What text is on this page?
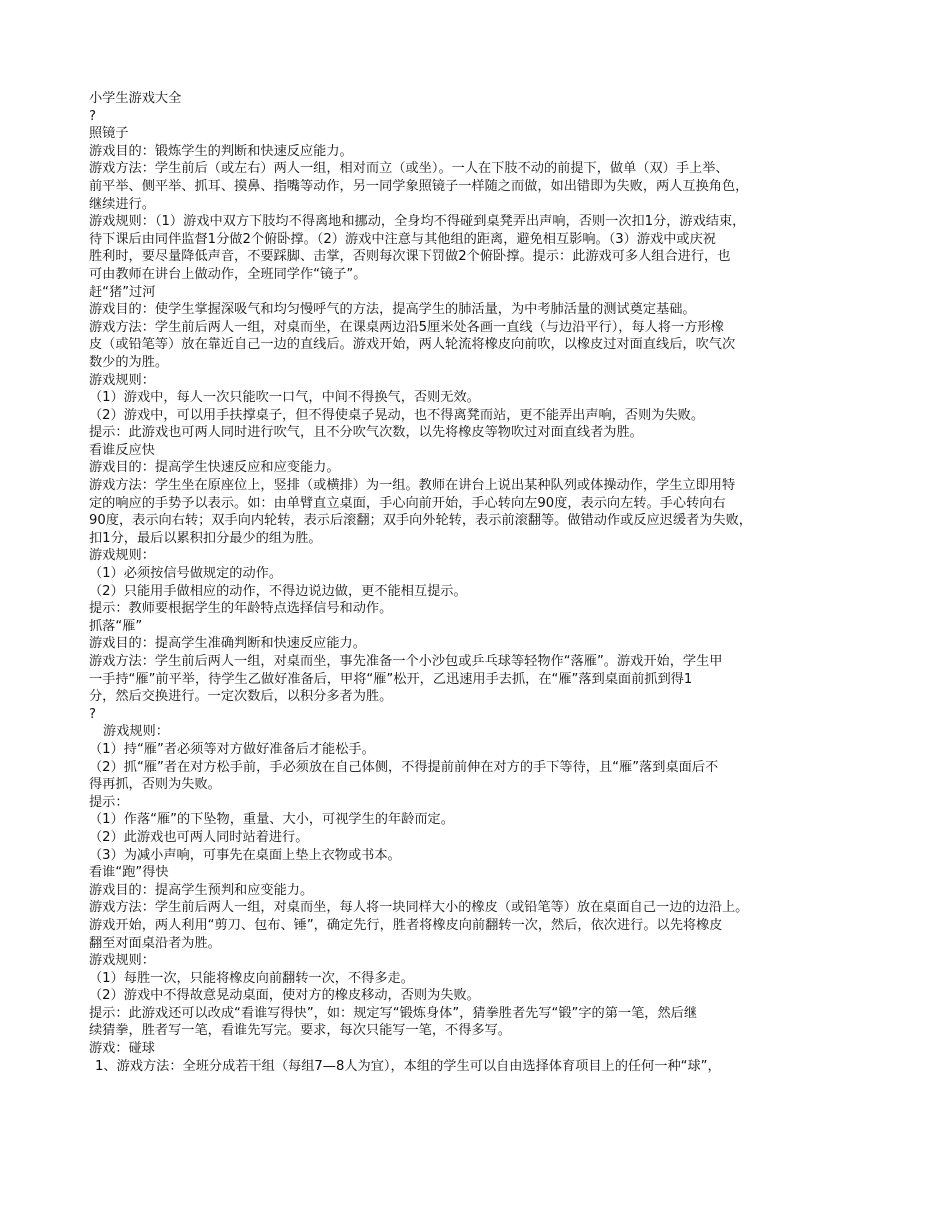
小学生游戏大全
?
照镜子
游戏目的：锻炼学生的判断和快速反应能力。
游戏方法：学生前后（或左右）两人一组，相对而立（或坐）。一人在下肢不动的前提下，做单（双）手上举、
前平举、侧平举、抓耳、摸鼻、指嘴等动作，另一同学象照镜子一样随之而做，如出错即为失败，两人互换角色，
继续进行。
游戏规则：（1）游戏中双方下肢均不得离地和挪动，全身均不得碰到桌凳弄出声响，否则一次扣1分，游戏结束，
待下课后由同伴监督1分做2个俯卧撑。（2）游戏中注意与其他组的距离，避免相互影响。（3）游戏中或庆祝
胜利时，要尽量降低声音，不要踩脚、击掌，否则每次课下罚做2个俯卧撑。提示：此游戏可多人组合进行，也
可由教师在讲台上做动作，全班同学作“镜子”。
赶“猪”过河
游戏目的：使学生掌握深吸气和均匀慢呼气的方法，提高学生的肺活量，为中考肺活量的测试奠定基础。
游戏方法：学生前后两人一组，对桌而坐，在课桌两边沿5厘米处各画一直线（与边沿平行），每人将一方形橡
皮（或铅笔等）放在靠近自己一边的直线后。游戏开始，两人轮流将橡皮向前吹，以橡皮过对面直线后，吹气次
数少的为胜。
游戏规则：
（1）游戏中，每人一次只能吹一口气，中间不得换气，否则无效。
（2）游戏中，可以用手扶撑桌子，但不得使桌子晃动，也不得离凳而站，更不能弄出声响，否则为失败。
提示：此游戏也可两人同时进行吹气，且不分吹气次数，以先将橡皮等物吹过对面直线者为胜。
看谁反应快
游戏目的：提高学生快速反应和应变能力。
游戏方法：学生坐在原座位上，竖排（或横排）为一组。教师在讲台上说出某种队列或体操动作，学生立即用特
定的响应的手势予以表示。如：由单臂直立桌面，手心向前开始，手心转向左90度，表示向左转。手心转向右
90度，表示向右转；双手向内轮转，表示后滚翻；双手向外轮转，表示前滚翻等。做错动作或反应迟缓者为失败，
扣1分，最后以累积扣分最少的组为胜。
游戏规则：
（1）必须按信号做规定的动作。
（2）只能用手做相应的动作，不得边说边做，更不能相互提示。
提示：教师要根据学生的年龄特点选择信号和动作。
抓落“雁”
游戏目的：提高学生准确判断和快速反应能力。
游戏方法：学生前后两人一组，对桌而坐，事先准备一个小沙包或乒乓球等轻物作“落雁”。游戏开始，学生甲
一手持“雁”前平举，待学生乙做好准备后，甲将“雁”松开，乙迅速用手去抓，在“雁”落到桌面前抓到得1
分，然后交换进行。一定次数后，以积分多者为胜。
?
游戏规则：
（1）持“雁”者必须等对方做好准备后才能松手。
（2）抓“雁”者在对方松手前，手必须放在自己体侧，不得提前前伸在对方的手下等待，且“雁”落到桌面后不
得再抓，否则为失败。
提示：
（1）作落“雁”的下坠物，重量、大小，可视学生的年龄而定。
（2）此游戏也可两人同时站着进行。
（3）为减小声响，可事先在桌面上垫上衣物或书本。
看谁“跑”得快
游戏目的：提高学生预判和应变能力。
游戏方法：学生前后两人一组，对桌而坐，每人将一块同样大小的橡皮（或铅笔等）放在桌面自己一边的边沿上。
游戏开始，两人利用“剪刀、包布、锤”，确定先行，胜者将橡皮向前翻转一次，然后，依次进行。以先将橡皮
翻至对面桌沿者为胜。
游戏规则：
（1）每胜一次，只能将橡皮向前翻转一次，不得多走。
（2）游戏中不得故意晃动桌面，使对方的橡皮移动，否则为失败。
提示：此游戏还可以改成“看谁写得快”，如：规定写“锻炼身体”，猜拳胜者先写“锻”字的第一笔，然后继
续猜拳，胜者写一笔，看谁先写完。要求，每次只能写一笔，不得多写。
游戏：碰球
1、游戏方法：全班分成若干组（每组7—8人为宜），本组的学生可以自由选择体育项目上的任何一种“球”，
